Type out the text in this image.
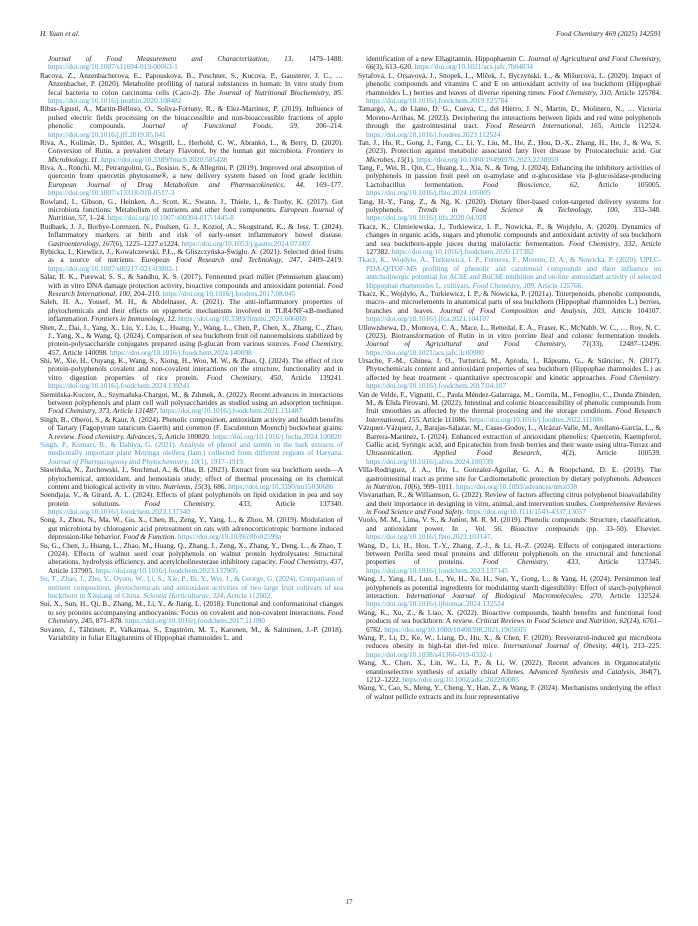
H. Yuan et al.	Food Chemistry 469 (2025) 142591
Journal of Food Measurement and Characterization, 13, 1479–1488. https://doi.org/10.1007/s11694-019-00063-1
Racova, Z., Anzenbacherova, E., Papouskova, B., Poschner, S., Kucova, P., Gausterer, J. C., … Anzenbacher, P. (2020). Metabolite profiling of natural substances in human: In vitro study from fecal bacteria to colon carcinoma cells (Caco-2). The Journal of Nutritional Biochemistry, 85. https://doi.org/10.1016/j.jnutbio.2020.108482
Ribas-Agustí, A., Martín-Belloso, O., Soliva-Fortuny, R., & Elez-Martínez, P. (2019). Influence of pulsed electric fields processing on the bioaccessible and non-bioaccessible fractions of apple phenolic compounds. Journal of Functional Foods, 59, 206–214. https://doi.org/10.1016/j.jff.2019.05.041
Riva, A., Kolimár, D., Spittler, A., Wisgrill, L., Herbold, C. W., Abrankó, L., & Berry, D. (2020). Conversion of Rutin, a prevalent dietary Flavonol, by the human gut microbiota. Frontiers in Microbiology, 11. https://doi.org/10.3389/fmicb.2020.585428
Riva, A., Ronchi, M., Petrangolini, G., Bosisio, S., & Allegrini, P. (2019). Improved oral absorption of quercetin from quercetin phytosome®, a new delivery system based on food grade lecithin. European Journal of Drug Metabolism and Pharmacokinetics, 44, 169–177. https://doi.org/10.1007/s13318-018-0517-3
Rowland, I., Gibson, G., Heinken, A., Scott, K., Swann, J., Thiele, I., & Tuohy, K. (2017). Gut microbiota functions: Metabolism of nutrients and other food components. European Journal of Nutrition, 57, 1–24. https://doi.org/10.1007/s00394-017-1445-8
Rudbaek, J. J., Borbye-Lorenzen, N., Poulsen, G. J., Koziol, A., Skogstrand, K., & Jess, T. (2024). Inflammatory markers at birth and risk of early-onset inflammatory bowel disease. Gastroenterology, 167(6), 1225–1227.e1224. https://doi.org/10.1053/j.gastro.2024.07.007
Rybicka, I., Kiewlicz, J., Kowalczewski, P.Ł., & Gliszczyńska-Świgło, A. (2021). Selected dried fruits as a source of nutrients. European Food Research and Technology, 247, 2409–2419. https://doi.org/10.1007/s00217-021-03802-1
Salar, R. K., Purewal, S. S., & Sandhu, K. S. (2017). Fermented pearl millet (Pennisetum glaucum) with in vitro DNA damage protection activity, bioactive compounds and antioxidant potential. Food Research International, 100, 204–210. https://doi.org/10.1016/j.foodres.2017.08.045
Saleh, H. A., Yousef, M. H., & Abdelnaser, A. (2021). The anti-inflammatory properties of phytochemicals and their effects on epigenetic mechanisms involved in TLR4/NF-κB-mediated inflammation. Frontiers in Immunology, 12. https://doi.org/10.3389/fimmu.2021.606069
Shen, Z., Dai, J., Yang, X., Liu, Y., Liu, L., Huang, Y., Wang, L., Chen, P., Chen, X., Zhang, C., Zhao, J., Yang, X., & Wang, Q. (2024). Comparison of sea buckthorn fruit oil nanoemulsions stabilized by protein-polysaccharide conjugates prepared using β-glucan from various sources. Food Chemistry, 457, Article 140098. https://doi.org/10.1016/j.foodchem.2024.140098
Shi, W., Xie, H., Ouyang, K., Wang, S., Xiong, H., Woo, M. W., & Zhao, Q. (2024). The effect of rice protein-polyphenols covalent and non-covalent interactions on the structure, functionality and in vitro digestion properties of rice protein. Food Chemistry, 450, Article 139241. https://doi.org/10.1016/j.foodchem.2024.139241
Siemińska-Kuczer, A., Szymańska-Chargot, M., & Zdunek, A. (2022). Recent advances in interactions between polyphenols and plant cell wall polysaccharides as studied using an adsorption technique. Food Chemistry, 373, Article 131487. https://doi.org/10.1016/j.foodchem.2021.131487
Singh, B., Oberoi, S., & Kaur, A. (2024). Phenolic composition, antioxidant activity and health benefits of Tartary (Fagopyrum tataricum Gaerth) and common (F. Esculentum Moench) buckwheat grains: A review. Food chemistry. Advances, 5, Article 100820. https://doi.org/10.1016/j.focha.2024.100820
Singh, P., Kumari, B., & Dahiya, G. (2021). Analysis of phenol and tannin in the bark extracts of medicinally important plant Moringa oleifera (lam.) collected from different regions of Haryana. Journal of Pharmacognosy and Phytochemistry, 10(1), 1917–1919.
Sławińska, N., Żuchowski, J., Stochmal, A., & Olas, B. (2023). Extract from sea buckthorn seeds—A phytochemical, antioxidant, and hemostasis study; effect of thermal processing on its chemical content and biological activity in vitro. Nutrients, 15(3), 686. https://doi.org/10.3390/nu15030686
Soendjaja, V., & Girard, A. L. (2024). Effects of plant polyphenols on lipid oxidation in pea and soy protein solutions. Food Chemistry, 433, Article 137340. https://doi.org/10.1016/j.foodchem.2023.137340
Song, J., Zhou, N., Ma, W., Gu, X., Chen, B., Zeng, Y., Yang, L., & Zhou, M. (2019). Modulation of gut microbiota by chlorogenic acid pretreatment on rats with adrenocorticotropic hormone induced depression-like behavior. Food & Function. https://doi.org/10.1039/c8fo02599a
Su, G., Chen, J., Huang, L., Zhao, M., Huang, Q., Zhang, J., Zeng, X., Zhang, Y., Deng, L., & Zhao, T. (2024). Effects of walnut seed coat polyphenols on walnut protein hydrolysates: Structural alterations, hydrolysis efficiency, and acetylcholinesterase inhibitory capacity. Food Chemistry, 437, Article 137905. https://doi.org/10.1016/j.foodchem.2023.137905
Su, T., Zhao, J., Zhu, Y., Oyom, W., Li, S., Xie, P., Bi, Y., Wei, J., & George, G. (2024). Comparison of nutrient composition, phytochemicals and antioxidant activities of two large fruit cultivars of sea buckthorn in Xinjiang of China. Scientia Horticulturae, 324, Article 112602.
Sui, X., Sun, H., Qi, B., Zhang, M., Li, Y., & Jiang, L. (2018). Functional and conformational changes to soy proteins accompanying anthocyanins: Focus on covalent and non-covalent interactions. Food Chemistry, 245, 871–878. https://doi.org/10.1016/j.foodchem.2017.11.090
Suvanto, J., Tähtinen, P., Valkamaa, S., Engström, M. T., Karonen, M., & Salminen, J.-P. (2018). Variability in foliar Ellagitannins of Hippophaë rhamnoides L. and
identification of a new Ellagitannin, Hippophaenin C. Journal of Agricultural and Food Chemistry, 66(3), 613–620. https://doi.org/10.1021/acs.jafc.7b04834
Sytařová, I., Orsavová, J., Snopek, L., Mlček, J., Byczyński, Ł., & Mišurcová, L. (2020). Impact of phenolic compounds and vitamins C and E on antioxidant activity of sea buckthorn (Hippophaë rhamnoides L.) berries and leaves of diverse ripening times. Food Chemistry, 310, Article 125784. https://doi.org/10.1016/j.foodchem.2019.125784
Tamargo, A., de Llano, D. G., Cueva, C., del Hierro, J. N., Martin, D., Molinero, N., … Victoria Moreno-Arribas, M. (2023). Deciphering the interactions between lipids and red wine polyphenols through the gastrointestinal tract. Food Research International, 165, Article 112524. https://doi.org/10.1016/j.foodres.2023.112524
Tan, J., Hu, R., Gong, J., Fang, C., Li, Y., Liu, M., He, Z., Hou, D.-X., Zhang, H., He, J., & Wu, S. (2023). Protection against metabolic associated fatty liver disease by Protocatechuic acid. Gut Microbes, 15(1). https://doi.org/10.1080/19490976.2023.2238959
Tang, F., Wei, B., Qin, C., Huang, L., Xia, N., & Teng, J. (2024). Enhancing the inhibitory activities of polyphenols in passion fruit peel on α-amylase and α-glucosidase via β-glucosidase-producing Lactobacillus fermentation. Food Bioscience, 62, Article 105005. https://doi.org/10.1016/j.fbio.2024.105005
Tang, H.-Y., Fang, Z., & Ng, K. (2020). Dietary fiber-based colon-targeted delivery systems for polyphenols. Trends in Food Science & Technology, 100, 333–348. https://doi.org/10.1016/j.tifs.2020.04.028
Tkacz, K., Chmielewska, J., Turkiewicz, I. P., Nowicka, P., & Wojdyło, A. (2020). Dynamics of changes in organic acids, sugars and phenolic compounds and antioxidant activity of sea buckthorn and sea buckthorn-apple juices during malolactic fermentation. Food Chemistry, 332, Article 127382. https://doi.org/10.1016/j.foodchem.2020.127382
Tkacz, K., Wojdyło, A., Turkiewicz, I. P., Ferreres, F., Moreno, D. A., & Nowicka, P. (2020). UPLC-PDA-Q/TOF-MS profiling of phenolic and carotenoid compounds and their influence on anticholinergic potential for AChE and BuChE inhibition and on-line antioxidant activity of selected Hippophaë rhamnoides L. cultivars. Food Chemistry, 309, Article 125766.
Tkacz, K., Wojdyło, A., Turkiewicz, I. P., & Nowicka, P. (2021a). Triterpenoids, phenolic compounds, macro- and microelements in anatomical parts of sea buckthorn (Hippophaë rhamnoides L.) berries, branches and leaves. Journal of Food Composition and Analysis, 103, Article 104107. https://doi.org/10.1016/j.jfca.2021.104107
Ulluwishewa, D., Montoya, C. A., Mace, L., Rettedal, E. A., Fraser, K., McNabb, W. C., … Roy, N. C. (2023). Biotransformation of Rutin in in vitro porcine Ileal and colonic fermentation models. Journal of Agricultural and Food Chemistry, 71(33), 12487–12496. https://doi.org/10.1021/acs.jafc.3c00980
Ursache, F.-M., Ghinea, I. O., Turturică, M., Aprodu, I., Râpeanu, G., & Stănciuc, N. (2017). Phytochemicals content and antioxidant properties of sea buckthorn (Hippophae rhamnoides L.) as affected by heat treatment - quantitative spectroscopic and kinetic approaches. Food Chemistry. https://doi.org/10.1016/j.foodchem.2017.04.107
Van de Velde, F., Vignatti, C., Paula Méndez-Galarraga, M., Gomila, M., Fenoglio, C., Donda Zbinden, M., & Élida Pirovani, M. (2022). Intestinal and colonic bioaccessibility of phenolic compounds from fruit smoothies as affected by the thermal processing and the storage conditions. Food Research International, 155, Article 111086. https://doi.org/10.1016/j.foodres.2022.111086
Vázquez-Vázquez, J., Barajas-Salazar, M., Casas-Godoy, L., Alcázar-Valle, M., Arellano-García, L., & Barrera-Martínez, I. (2024). Enhanced extraction of antioxidant phenolics: Quercetin, Kaempferol, Gallic acid, Syringic acid, and Epicatechin from fresh berries and their waste using ultra-Turrax and Ultrasonication. Applied Food Research, 4(2), Article 100539. https://doi.org/10.1016/j.afres.2024.100539
Villa-Rodriguez, J. A., Ifie, I., Gonzalez-Aguilar, G. A., & Roopchand, D. E. (2019). The gastrointestinal tract as prime site for Cardiometabolic protection by dietary polyphenols. Advances in Nutrition, 10(6), 999–1011. https://doi.org/10.1093/advances/nmz038
Visvanathan, R., & Williamson, G. (2022). Review of factors affecting citrus polyphenol bioavailability and their importance in designing in vitro, animal, and intervention studies. Comprehensive Reviews in Food Science and Food Safety. https://doi.org/10.1111/1541-4337.13057
Vuolo, M. M., Lima, V. S., & Junior, M. R. M. (2019). Phenolic compounds: Structure, classification, and antioxidant power. In , Vol. 56. Bioactive compounds (pp. 33–50). Elsevier. https://doi.org/10.1016/j.fbio.2023.103147.
Wang, D., Li, H., Hou, T.-Y., Zhang, Z.-J., & Li, H.-Z. (2024). Effects of conjugated interactions between Perilla seed meal proteins and different polyphenols on the structural and functional properties of proteins. Food Chemistry, 433, Article 137345. https://doi.org/10.1016/j.foodchem.2023.137345
Wang, J., Yang, H., Luo, L., Ye, H., Xu, H., Sun, Y., Gong, L., & Yang, H. (2024). Persimmon leaf polyphenols as potential ingredients for modulating starch digestibility: Effect of starch-polyphenol interaction. International Journal of Biological Macromolecules, 270, Article 132524. https://doi.org/10.1016/j.ijbiomac.2024.132524
Wang, K., Xu, Z., & Liao, X. (2022). Bioactive compounds, health benefits and functional food products of sea buckthorn: A review. Critical Reviews in Food Science and Nutrition, 62(24), 6761–6782. https://doi.org/10.1080/10408398.2021.1905605
Wang, P., Li, D., Ke, W., Liang, D., Hu, X., & Chen, F. (2020). Resveratrol-induced gut microbiota reduces obesity in high-fat diet-fed mice. International Journal of Obesity, 44(1), 213–225. https://doi.org/10.1038/s41366-019-0332-1
Wang, X., Chen, X., Lin, W., Li, P., & Li, W. (2022). Recent advances in Organocatalytic enantioselective synthesis of axially chiral Allenes. Advanced Synthesis and Catalysis, 364(7), 1212–1222. https://doi.org/10.1002/adsc.202200085
Wang, Y., Cao, S., Meng, Y., Cheng, Y., Han, Z., & Wang, F. (2024). Mechanisms underlying the effect of walnut pellicle extracts and its four representative
17
